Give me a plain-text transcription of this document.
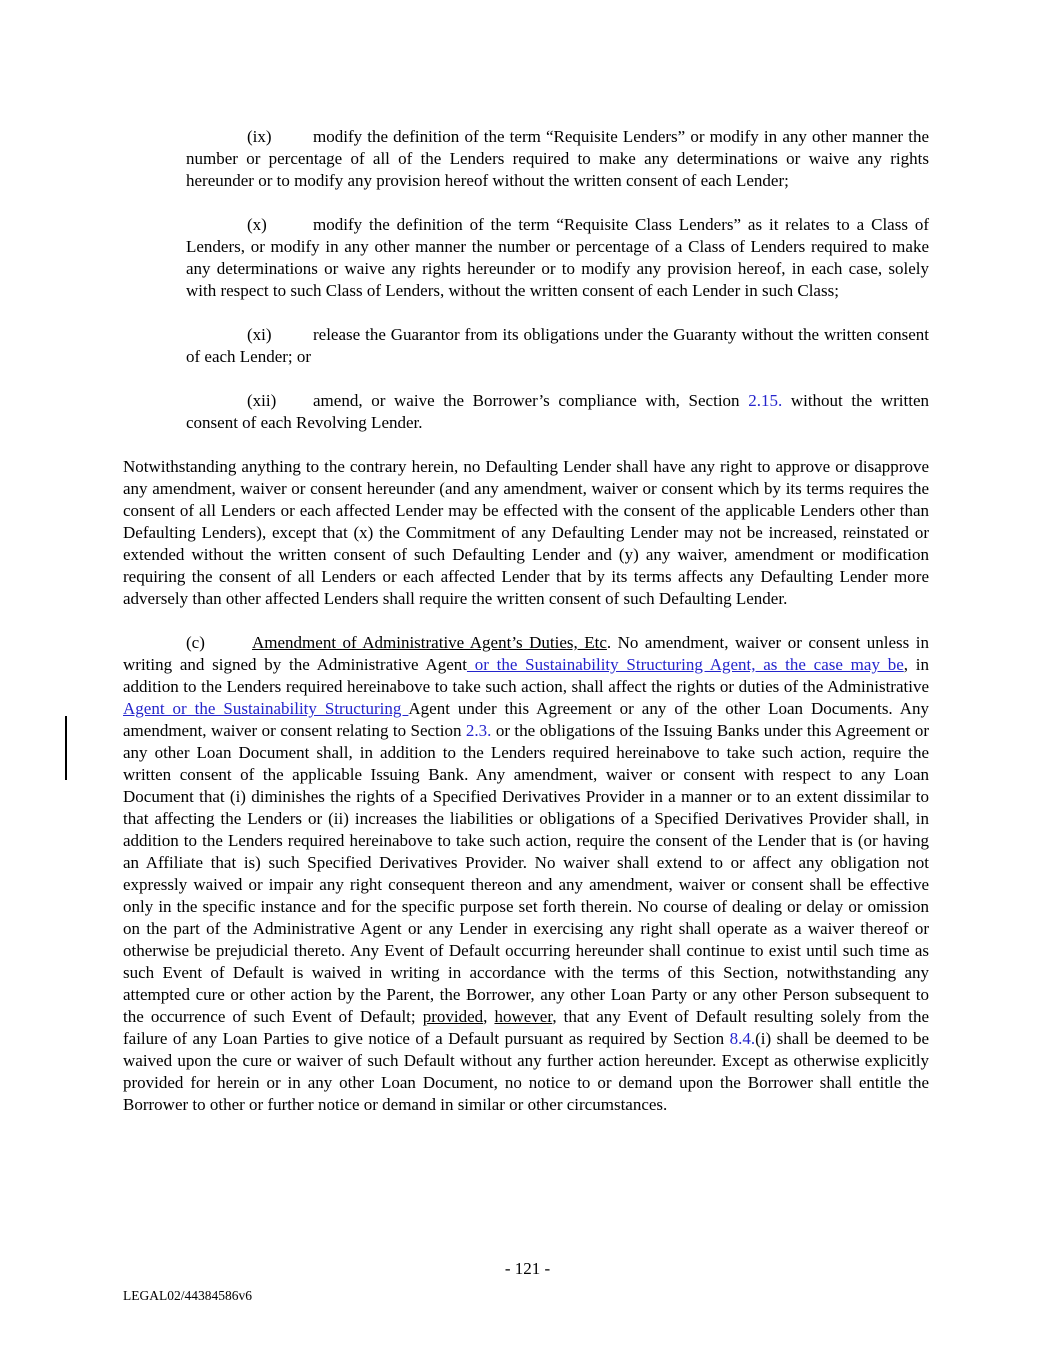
(ix) modify the definition of the term “Requisite Lenders” or modify in any other manner the number or percentage of all of the Lenders required to make any determinations or waive any rights hereunder or to modify any provision hereof without the written consent of each Lender;

(x)	modify the definition of the term “Requisite Class Lenders” as it relates to a Class of Lenders, or modify in any other manner the number or percentage of a Class of Lenders required to make any determinations or waive any rights hereunder or to modify any provision hereof, in each case, solely with respect to such Class of Lenders, without the written consent of each Lender in such Class;

(xi) release the Guarantor from its obligations under the Guaranty without the written consent of each Lender; or

(xii) amend, or waive the Borrower’s compliance with, Section 2.15. without the written consent of each Revolving Lender.

Notwithstanding anything to the contrary herein, no Defaulting Lender shall have any right to approve or disapprove any amendment, waiver or consent hereunder (and any amendment, waiver or consent which by its terms requires the consent of all Lenders or each affected Lender may be effected with the consent of the applicable Lenders other than Defaulting Lenders), except that (x) the Commitment of any Defaulting Lender may not be increased, reinstated or extended without the written consent of such Defaulting Lender and (y) any waiver, amendment or modification requiring the consent of all Lenders or each affected Lender that by its terms affects any Defaulting Lender more adversely than other affected Lenders shall require the written consent of such Defaulting Lender.

(c)	Amendment of Administrative Agent’s Duties, Etc. No amendment, waiver or consent unless in writing and signed by the Administrative Agent or the Sustainability Structuring Agent, as the case may be, in addition to the Lenders required hereinabove to take such action, shall affect the rights or duties of the Administrative Agent or the Sustainability Structuring Agent under this Agreement or any of the other Loan Documents. Any amendment, waiver or consent relating to Section 2.3. or the obligations of the Issuing Banks under this Agreement or any other Loan Document shall, in addition to the Lenders required hereinabove to take such action, require the written consent of the applicable Issuing Bank. Any amendment, waiver or consent with respect to any Loan Document that (i) diminishes the rights of a Specified Derivatives Provider in a manner or to an extent dissimilar to that affecting the Lenders or (ii) increases the liabilities or obligations of a Specified Derivatives Provider shall, in addition to the Lenders required hereinabove to take such action, require the consent of the Lender that is (or having an Affiliate that is) such Specified Derivatives Provider. No waiver shall extend to or affect any obligation not expressly waived or impair any right consequent thereon and any amendment, waiver or consent shall be effective only in the specific instance and for the specific purpose set forth therein. No course of dealing or delay or omission on the part of the Administrative Agent or any Lender in exercising any right shall operate as a waiver thereof or otherwise be prejudicial thereto. Any Event of Default occurring hereunder shall continue to exist until such time as such Event of Default is waived in writing in accordance with the terms of this Section, notwithstanding any attempted cure or other action by the Parent, the Borrower, any other Loan Party or any other Person subsequent to the occurrence of such Event of Default; provided, however, that any Event of Default resulting solely from the failure of any Loan Parties to give notice of a Default pursuant as required by Section 8.4.(i) shall be deemed to be waived upon the cure or waiver of such Default without any further action hereunder. Except as otherwise explicitly provided for herein or in any other Loan Document, no notice to or demand upon the Borrower shall entitle the Borrower to other or further notice or demand in similar or other circumstances.

- 121 -
LEGAL02/44384586v6
